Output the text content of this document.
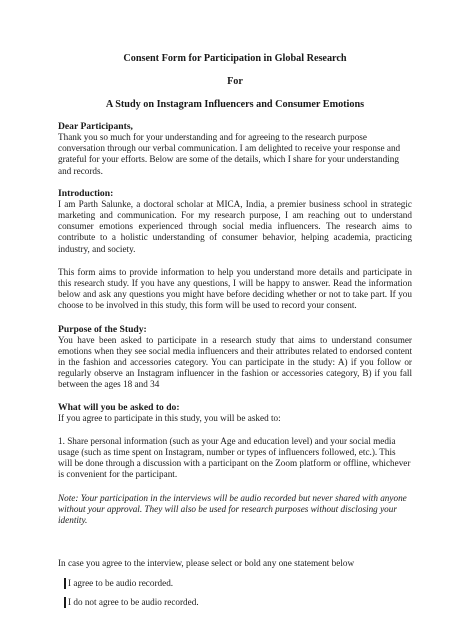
Consent Form for Participation in Global Research

For

A Study on Instagram Influencers and Consumer Emotions

Dear Participants,

Thank you so much for your understanding and for agreeing to the research purpose conversation through our verbal communication. I am delighted to receive your response and grateful for your efforts. Below are some of the details, which I share for your understanding and records.

Introduction:

I am Parth Salunke, a doctoral scholar at MICA, India, a premier business school in strategic marketing and communication. For my research purpose, I am reaching out to understand consumer emotions experienced through social media influencers. The research aims to contribute to a holistic understanding of consumer behavior, helping academia, practicing industry, and society.

This form aims to provide information to help you understand more details and participate in this research study. If you have any questions, I will be happy to answer. Read the information below and ask any questions you might have before deciding whether or not to take part. If you choose to be involved in this study, this form will be used to record your consent.

Purpose of the Study:

You have been asked to participate in a research study that aims to understand consumer emotions when they see social media influencers and their attributes related to endorsed content in the fashion and accessories category. You can participate in the study: A) if you follow or regularly observe an Instagram influencer in the fashion or accessories category, B) if you fall between the ages 18 and 34

What will you be asked to do:

If you agree to participate in this study, you will be asked to:

1. Share personal information (such as your Age and education level) and your social media usage (such as time spent on Instagram, number or types of influencers followed, etc.). This will be done through a discussion with a participant on the Zoom platform or offline, whichever is convenient for the participant.

Note: Your participation in the interviews will be audio recorded but never shared with anyone without your approval. They will also be used for research purposes without disclosing your identity.

In case you agree to the interview, please select or bold any one statement below

I agree to be audio recorded.
I do not agree to be audio recorded.
